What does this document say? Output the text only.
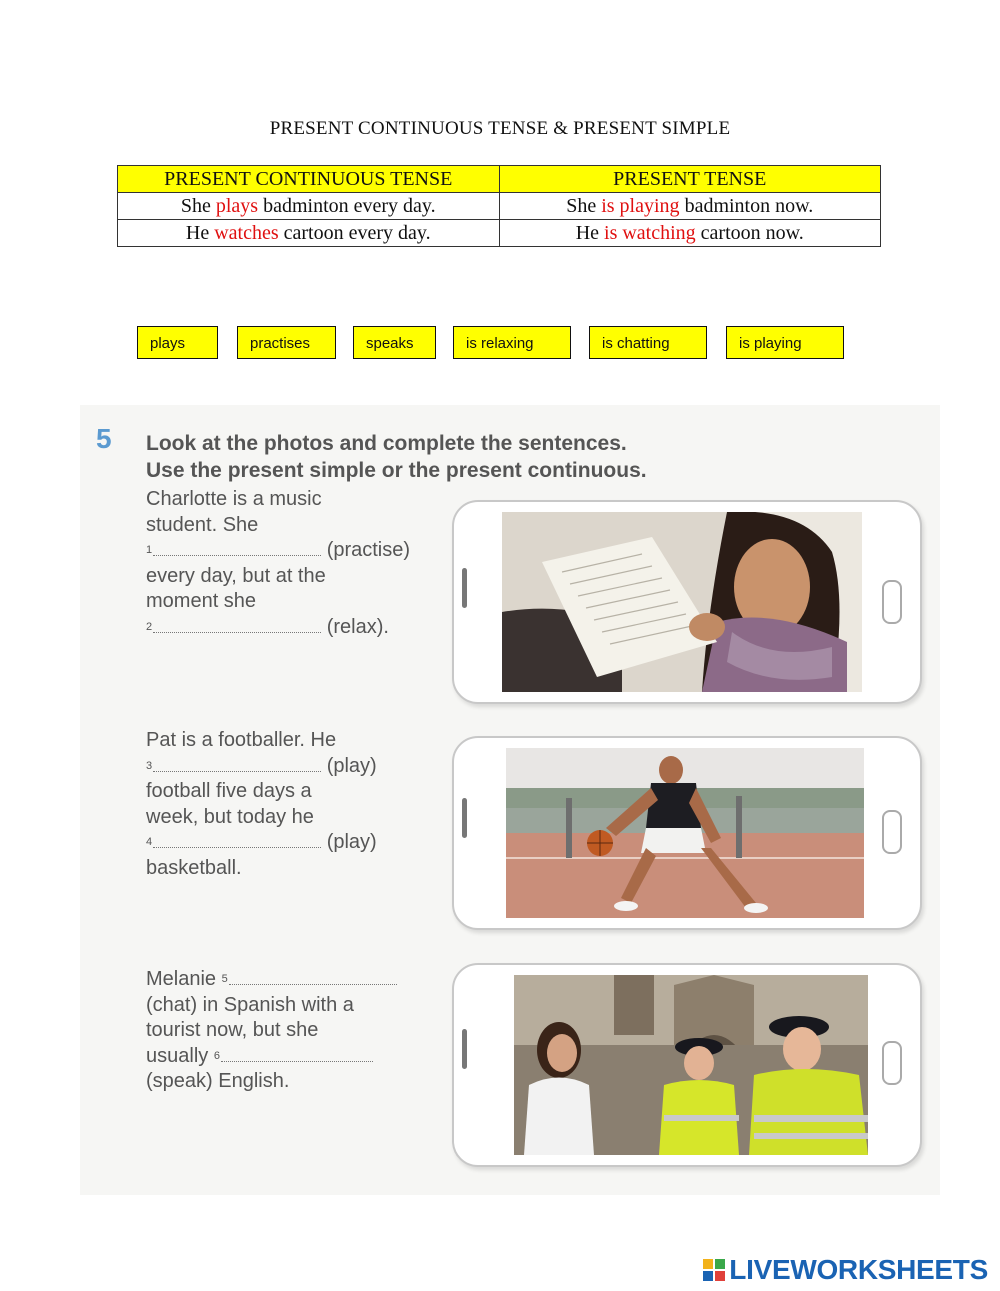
PRESENT CONTINUOUS TENSE & PRESENT SIMPLE
PRESENT CONTINUOUS TENSE	PRESENT TENSE
She plays badminton every day.	She is playing badminton now.
He watches cartoon every day.	He is watching cartoon now.
plays	practises	speaks	is relaxing	is chatting	is playing
5 Look at the photos and complete the sentences.
Use the present simple or the present continuous.
Charlotte is a music
student. She
$^1$	(practise)
every day, but at the
moment she
$^2$	(relax).
Pat is a footballer. He
$^3$	(play)
football five days a
week, but today he
$^4$	(play)
basketball.
Melanie $^5$
(chat) in Spanish with a
tourist now, but she
usually $^6$
(speak) English.
LIVEWORKSHEETS
